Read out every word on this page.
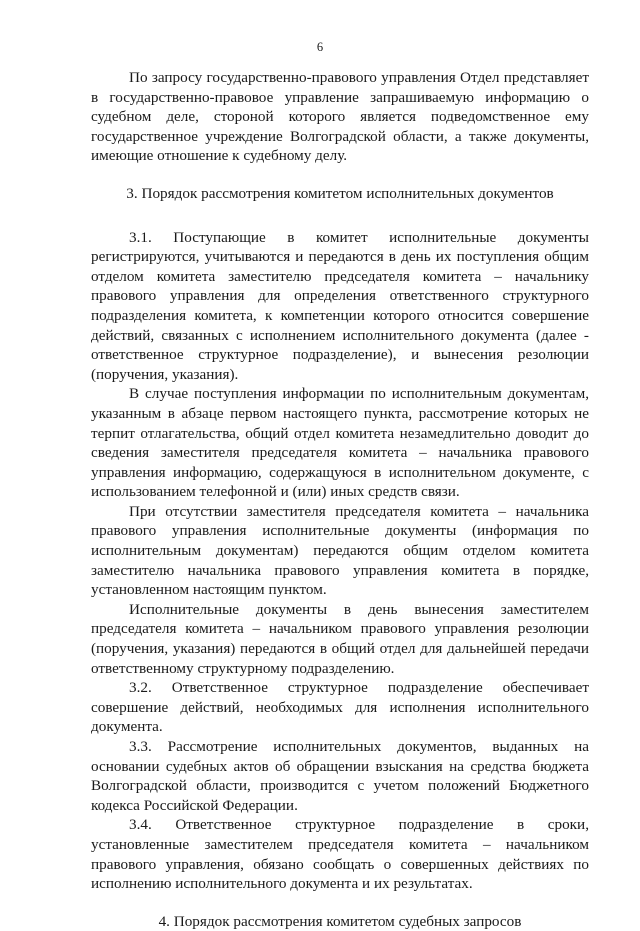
6

По запросу государственно-правового управления Отдел представляет в государственно-правовое управление запрашиваемую информацию о судебном деле, стороной которого является подведомственное ему государственное учреждение Волгоградской области, а также документы, имеющие отношение к судебному делу.

3. Порядок рассмотрения комитетом исполнительных документов

3.1. Поступающие в комитет исполнительные документы регистрируются, учитываются и передаются в день их поступления общим отделом комитета заместителю председателя комитета – начальнику правового управления для определения ответственного структурного подразделения комитета, к компетенции которого относится совершение действий, связанных с исполнением исполнительного документа (далее - ответственное структурное подразделение), и вынесения резолюции (поручения, указания).

В случае поступления информации по исполнительным документам, указанным в абзаце первом настоящего пункта, рассмотрение которых не терпит отлагательства, общий отдел комитета незамедлительно доводит до сведения заместителя председателя комитета – начальника правового управления информацию, содержащуюся в исполнительном документе, с использованием телефонной и (или) иных средств связи.

При отсутствии заместителя председателя комитета – начальника правового управления исполнительные документы (информация по исполнительным документам) передаются общим отделом комитета заместителю начальника правового управления комитета в порядке, установленном настоящим пунктом.

Исполнительные документы в день вынесения заместителем председателя комитета – начальником правового управления резолюции (поручения, указания) передаются в общий отдел для дальнейшей передачи ответственному структурному подразделению.

3.2. Ответственное структурное подразделение обеспечивает совершение действий, необходимых для исполнения исполнительного документа.

3.3. Рассмотрение исполнительных документов, выданных на основании судебных актов об обращении взыскания на средства бюджета Волгоградской области, производится с учетом положений Бюджетного кодекса Российской Федерации.

3.4. Ответственное структурное подразделение в сроки, установленные заместителем председателя комитета – начальником правового управления, обязано сообщать о совершенных действиях по исполнению исполнительного документа и их результатах.

4. Порядок рассмотрения комитетом судебных запросов
